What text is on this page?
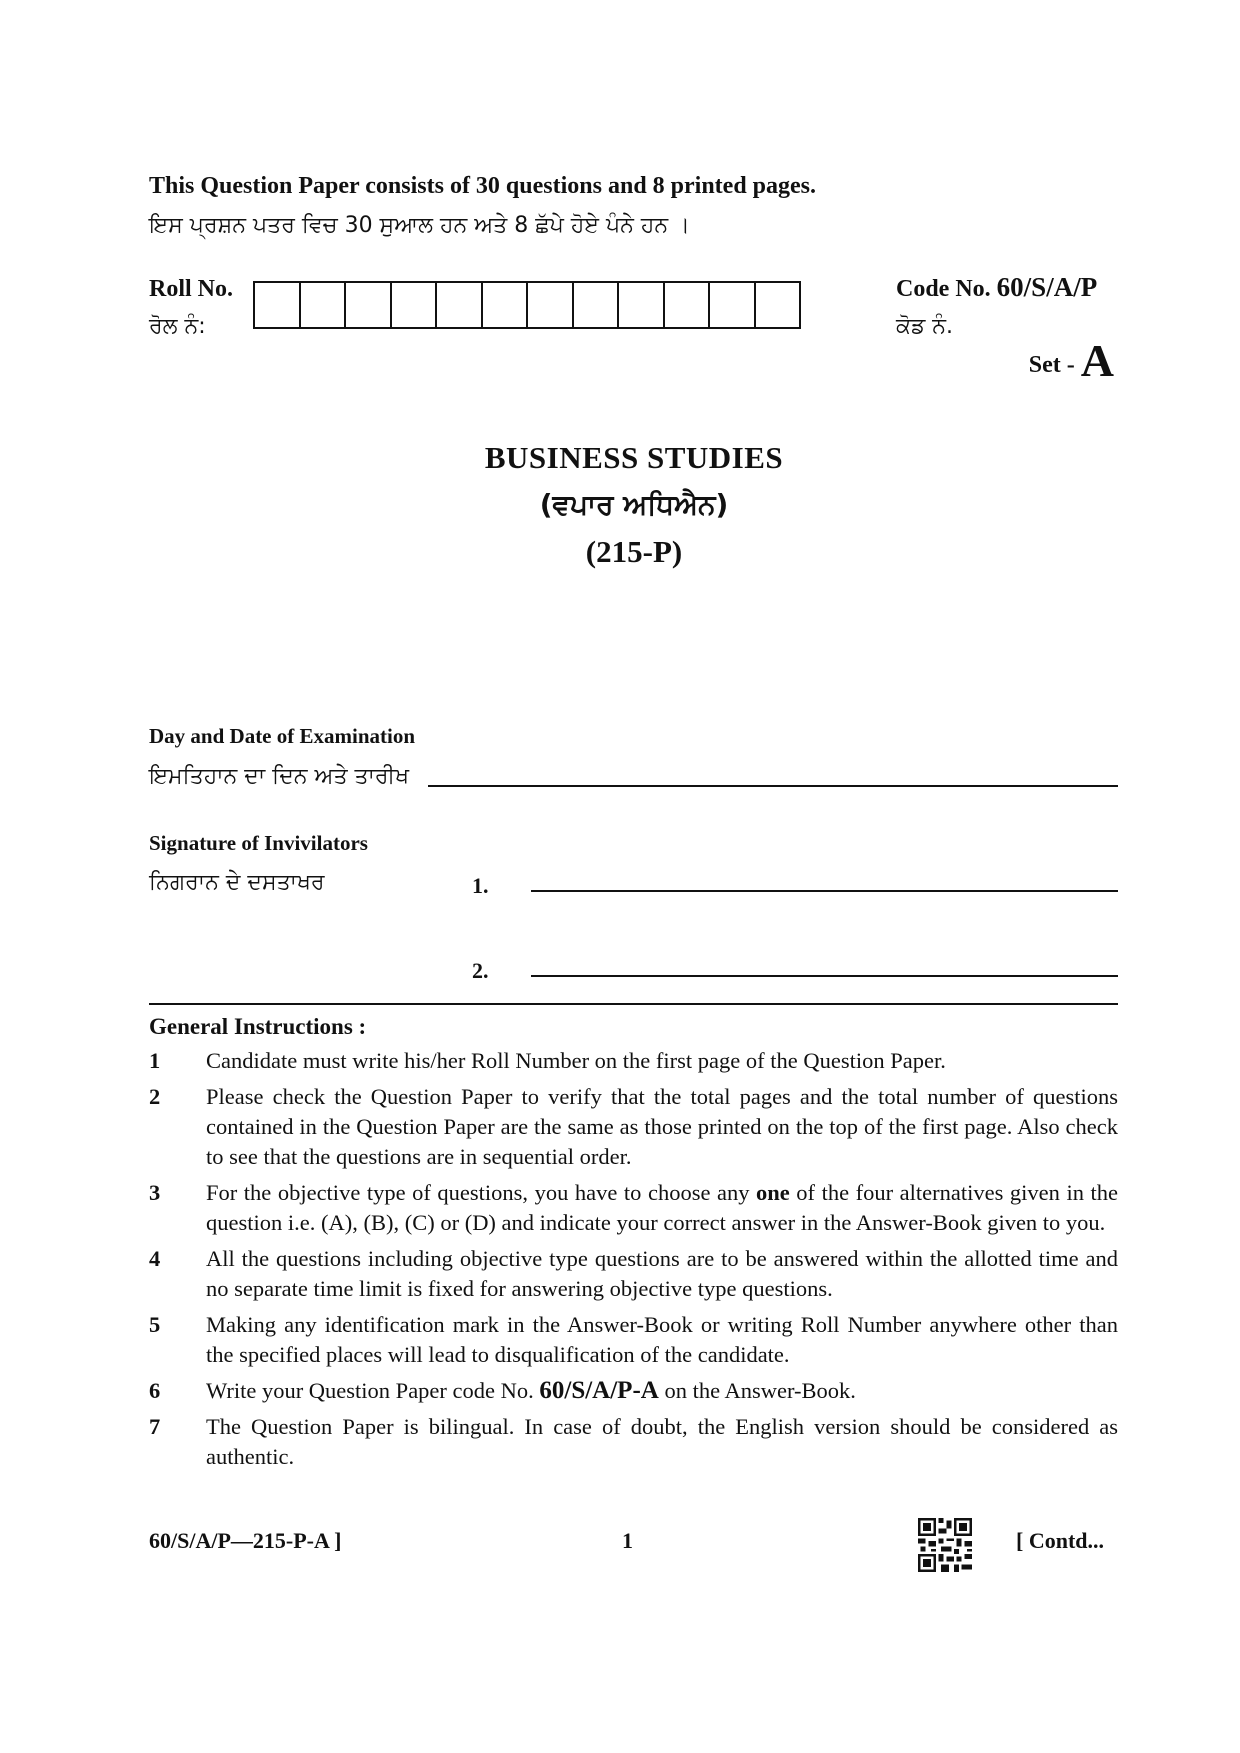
This Question Paper consists of 30 questions and 8 printed pages.
ਇਸ ਪ੍ਰਸ਼ਨ ਪਤਰ ਵਿਚ 30 ਸੁਆਲ ਹਨ ਅਤੇ 8 ਛੱਪੇ ਹੋਏ ਪੰਨੇ ਹਨ ।
Roll No.
ਰੋਲ ਨੰ:
Code No. 60/S/A/P
ਕੋਡ ਨੰ.
Set - A
BUSINESS STUDIES
(ਵਪਾਰ ਅਧਿਐਨ)
(215-P)
Day and Date of Examination
ਇਮਤਿਹਾਨ ਦਾ ਦਿਨ ਅਤੇ ਤਾਰੀਖ
Signature of Invivilators
ਨਿਗਰਾਨ ਦੇ ਦਸਤਾਖਰ	1.
2.
General Instructions :
1	Candidate must write his/her Roll Number on the first page of the Question Paper.
2	Please check the Question Paper to verify that the total pages and the total number of questions contained in the Question Paper are the same as those printed on the top of the first page. Also check to see that the questions are in sequential order.
3	For the objective type of questions, you have to choose any one of the four alternatives given in the question i.e. (A), (B), (C) or (D) and indicate your correct answer in the Answer-Book given to you.
4	All the questions including objective type questions are to be answered within the allotted time and no separate time limit is fixed for answering objective type questions.
5	Making any identification mark in the Answer-Book or writing Roll Number anywhere other than the specified places will lead to disqualification of the candidate.
6	Write your Question Paper code No. 60/S/A/P-A on the Answer-Book.
7	The Question Paper is bilingual. In case of doubt, the English version should be considered as authentic.
60/S/A/P—215-P-A ]	1	[ Contd...
